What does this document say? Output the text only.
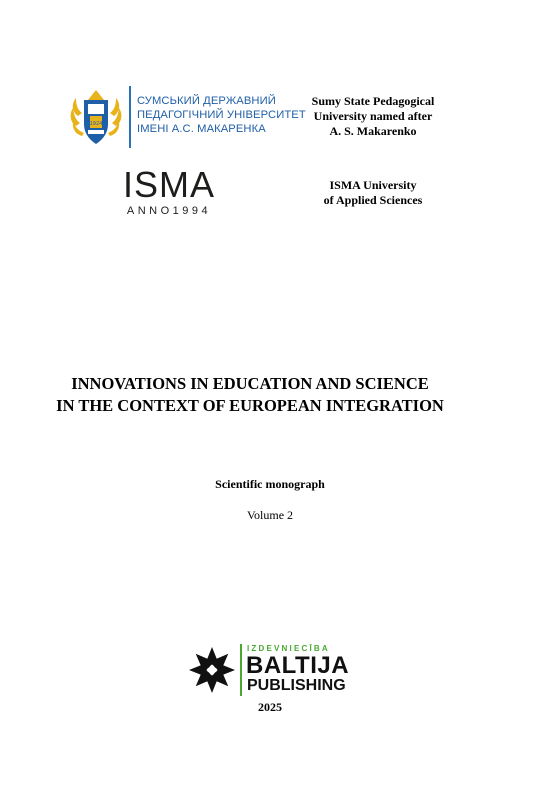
1924
СУМСЬКИЙ ДЕРЖАВНИЙ
ПЕДАГОГІЧНИЙ УНІВЕРСИТЕТ
ІМЕНІ А.С. МАКАРЕНКА
Sumy State Pedagogical
University named after
A. S. Makarenko
ISMA
ANNO1994
ISMA University
of Applied Sciences
INNOVATIONS IN EDUCATION AND SCIENCE
IN THE CONTEXT OF EUROPEAN INTEGRATION
Scientific monograph
Volume 2
IZDEVNIECĪBA
BALTIJA
PUBLISHING
2025
